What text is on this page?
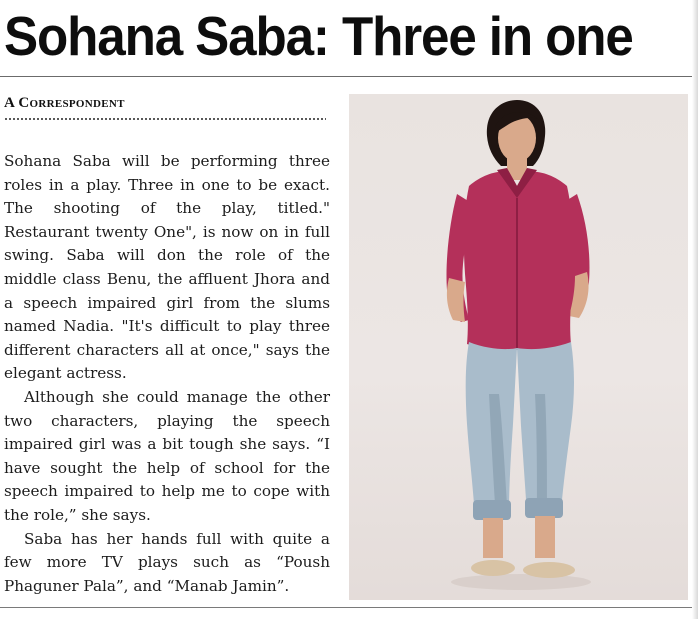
Sohana Saba: Three in one
A Correspondent

Sohana Saba will be performing three roles in a play. Three in one to be exact. The shooting of the play, titled." Restaurant twenty One", is now on in full swing. Saba will don the role of the middle class Benu, the affluent Jhora and a speech impaired girl from the slums named Nadia. "It's difficult to play three different characters all at once," says the elegant actress.

Although she could manage the other two characters, playing the speech impaired girl was a bit tough she says. “I have sought the help of school for the speech impaired to help me to cope with the role,” she says.

Saba has her hands full with quite a few more TV plays such as “Poush Phaguner Pala”, and “Manab Jamin”.
